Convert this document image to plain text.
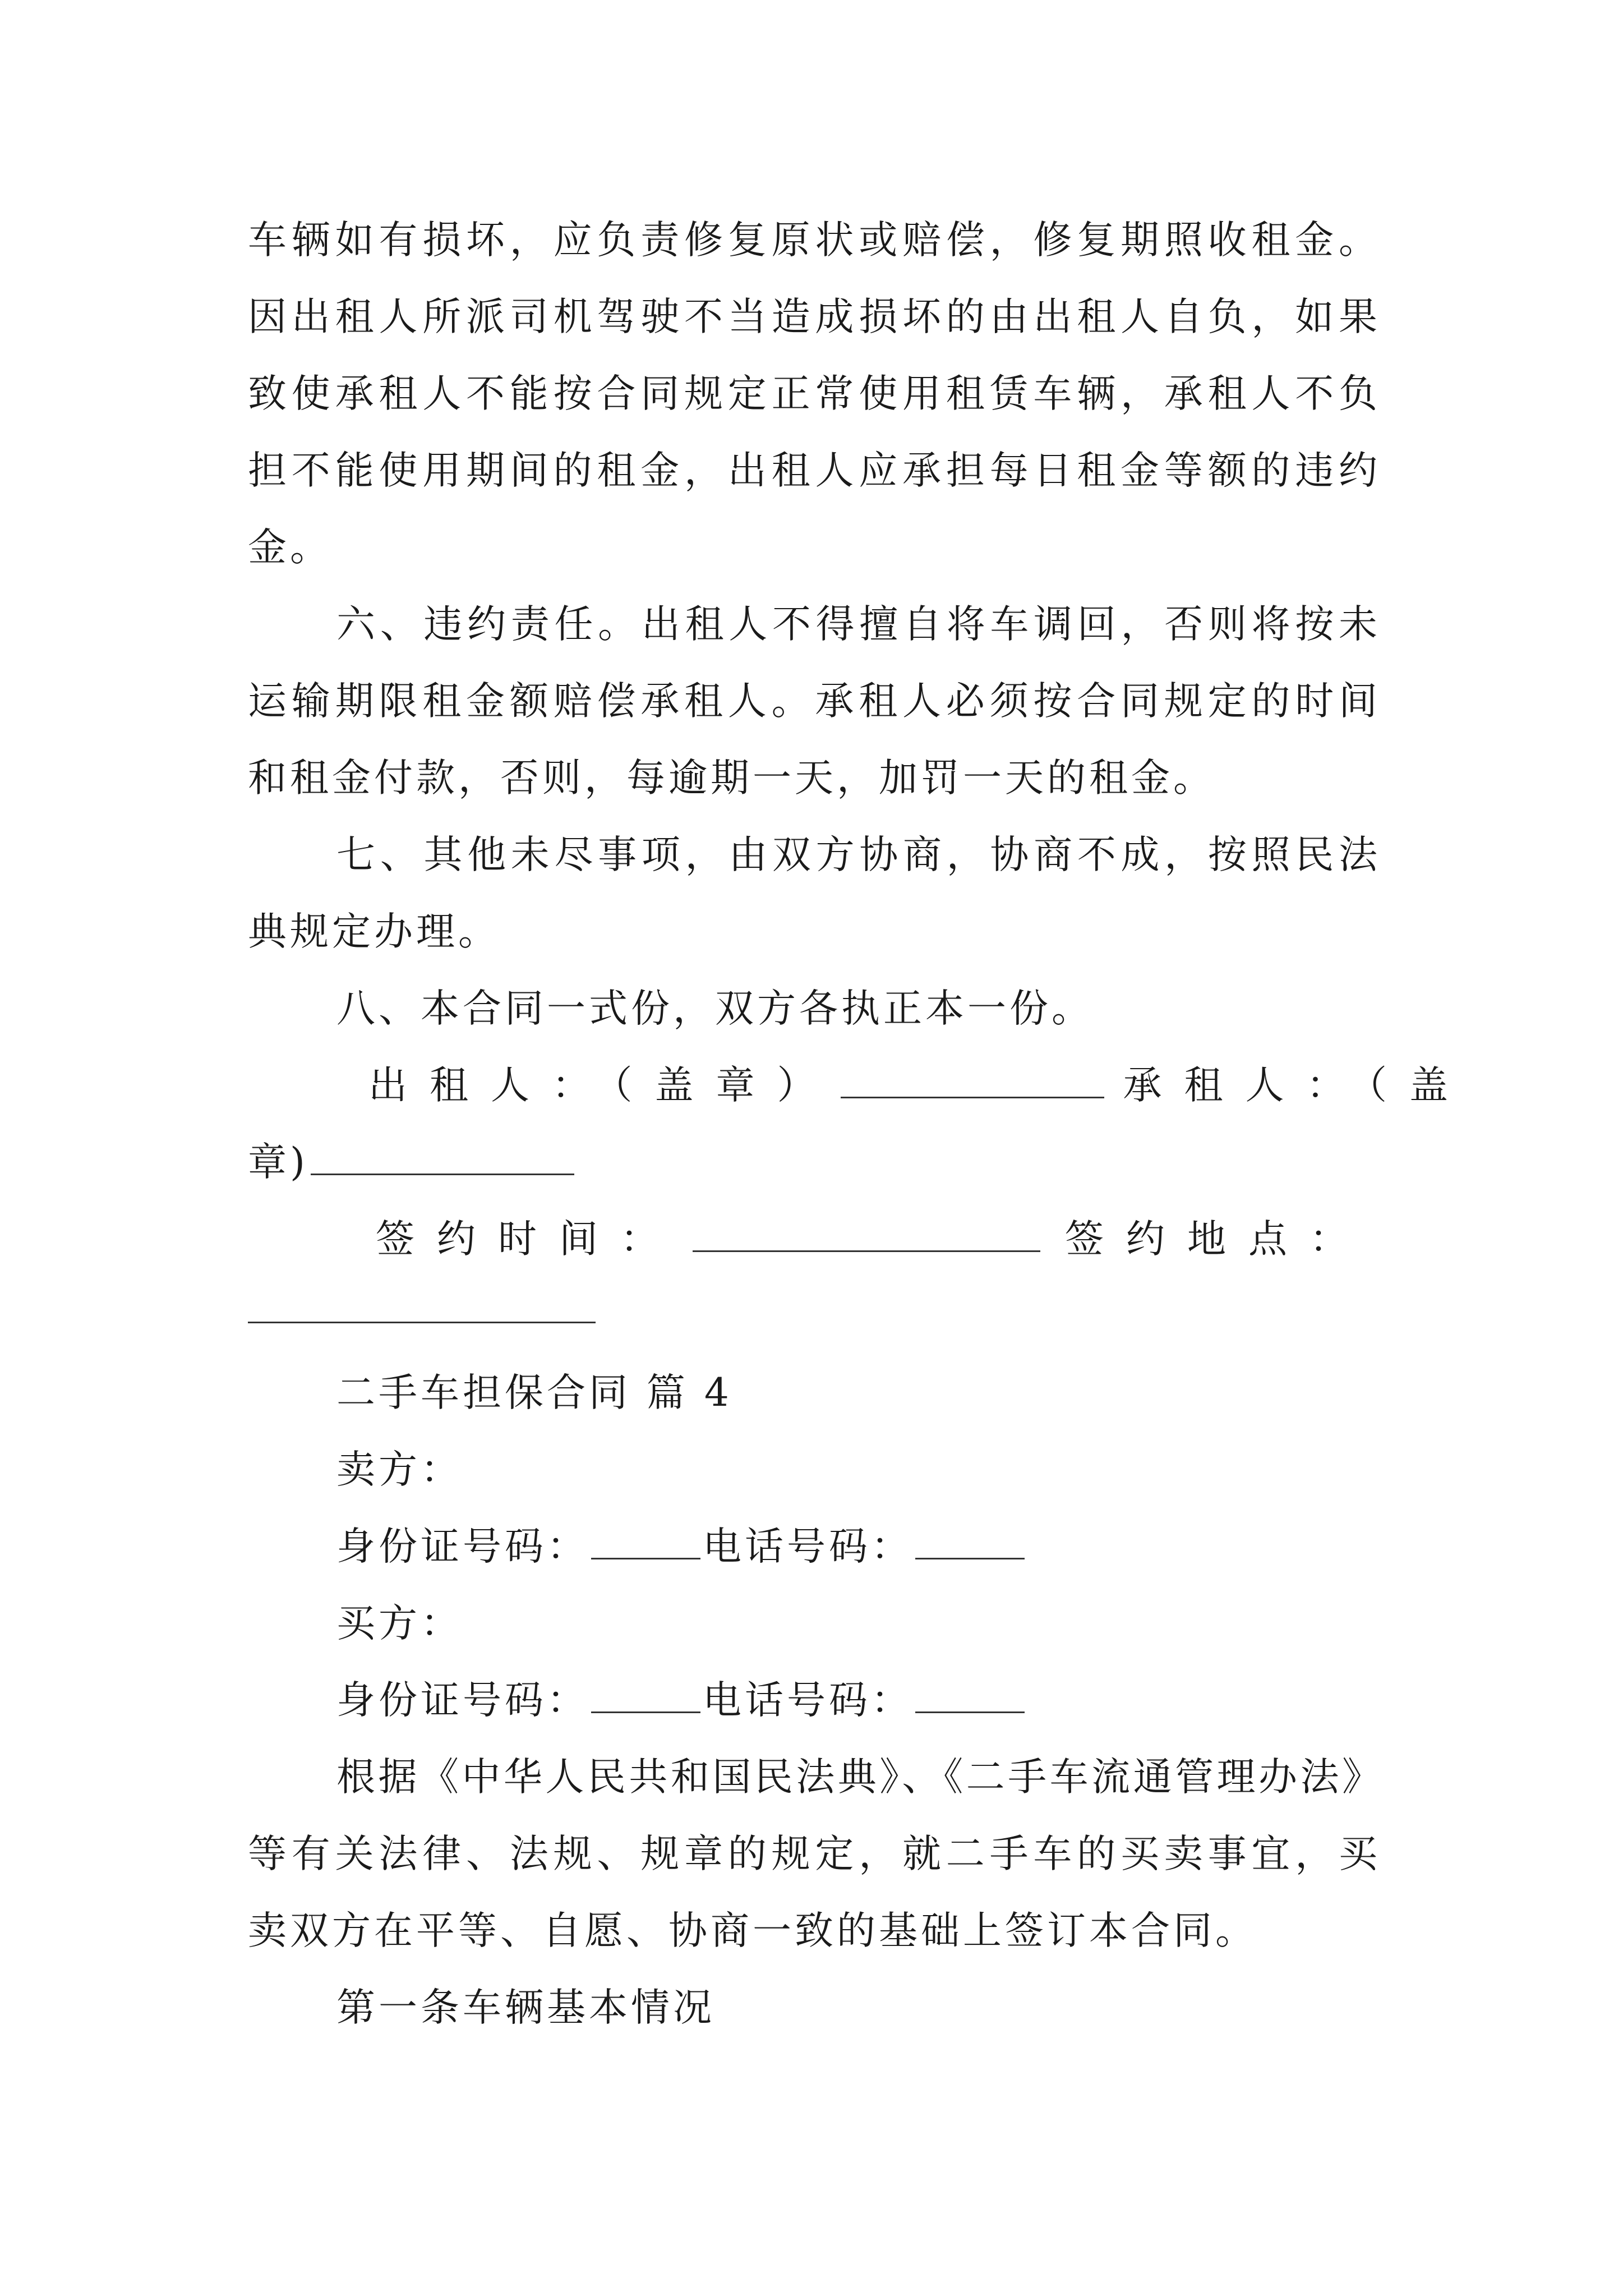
车辆如有损坏，应负责修复原状或赔偿，修复期照收租金。
因出租人所派司机驾驶不当造成损坏的由出租人自负，如果
致使承租人不能按合同规定正常使用租赁车辆，承租人不负
担不能使用期间的租金，出租人应承担每日租金等额的违约
金。
六、违约责任。出租人不得擅自将车调回，否则将按未
运输期限租金额赔偿承租人。承租人必须按合同规定的时间
和租金付款，否则，每逾期一天，加罚一天的租金。
七、其他未尽事项，由双方协商，协商不成，按照民法
典规定办理。
八、本合同一式份，双方各执正本一份。
出租人：（盖章）	承租人：（盖
章)
签约时间：	签约地点：
二手车担保合同 篇 4
卖方：
身份证号码：	电话号码：
买方：
身份证号码：	电话号码：
根据《中华人民共和国民法典》、《二手车流通管理办法》
等有关法律、法规、规章的规定，就二手车的买卖事宜，买
卖双方在平等、自愿、协商一致的基础上签订本合同。
第一条车辆基本情况
